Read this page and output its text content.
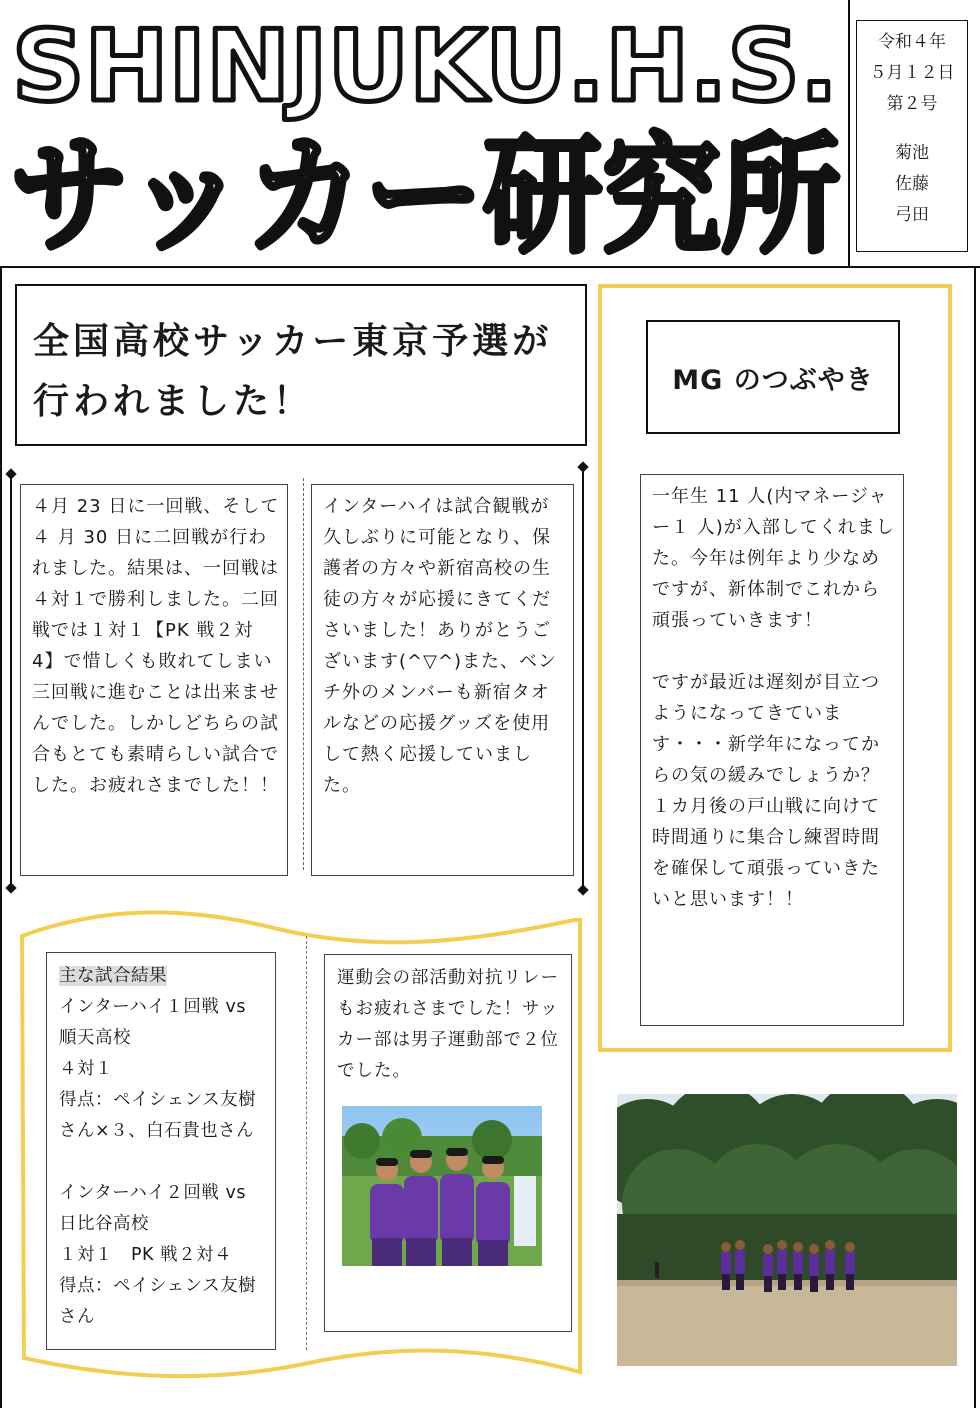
SHINJUKU.H.S.
サッカー研究所
令和４年
５月１２日
第２号
菊池
佐藤
弓田
全国高校サッカー東京予選が
行われました！

４月 23 日に一回戦、そして４ 月 30 日に二回戦が行われました。結果は、一回戦は４対１で勝利しました。二回戦では１対１【PK 戦２対 4】で惜しくも敗れてしまい三回戦に進むことは出来ませんでした。しかしどちらの試合もとても素晴らしい試合でした。お疲れさまでした！！

インターハイは試合観戦が久しぶりに可能となり、保護者の方々や新宿高校の生徒の方々が応援にきてくださいました！ありがとうございます(^▽^)また、ベンチ外のメンバーも新宿タオルなどの応援グッズを使用して熱く応援していました。

MG のつぶやき

一年生 11 人(内マネージャー１ 人)が入部してくれました。今年は例年より少なめですが、新体制でこれから頑張っていきます！

ですが最近は遅刻が目立つようになってきています・・・新学年になってからの気の緩みでしょうか？１カ月後の戸山戦に向けて時間通りに集合し練習時間を確保して頑張っていきたいと思います！！

主な試合結果
インターハイ１回戦 vs 順天高校
４対１
得点：ペイシェンス友樹さん×３、白石貴也さん
インターハイ２回戦 vs 日比谷高校
１対１　PK 戦２対４
得点：ペイシェンス友樹さん

運動会の部活動対抗リレーもお疲れさまでした！サッカー部は男子運動部で２位でした。
